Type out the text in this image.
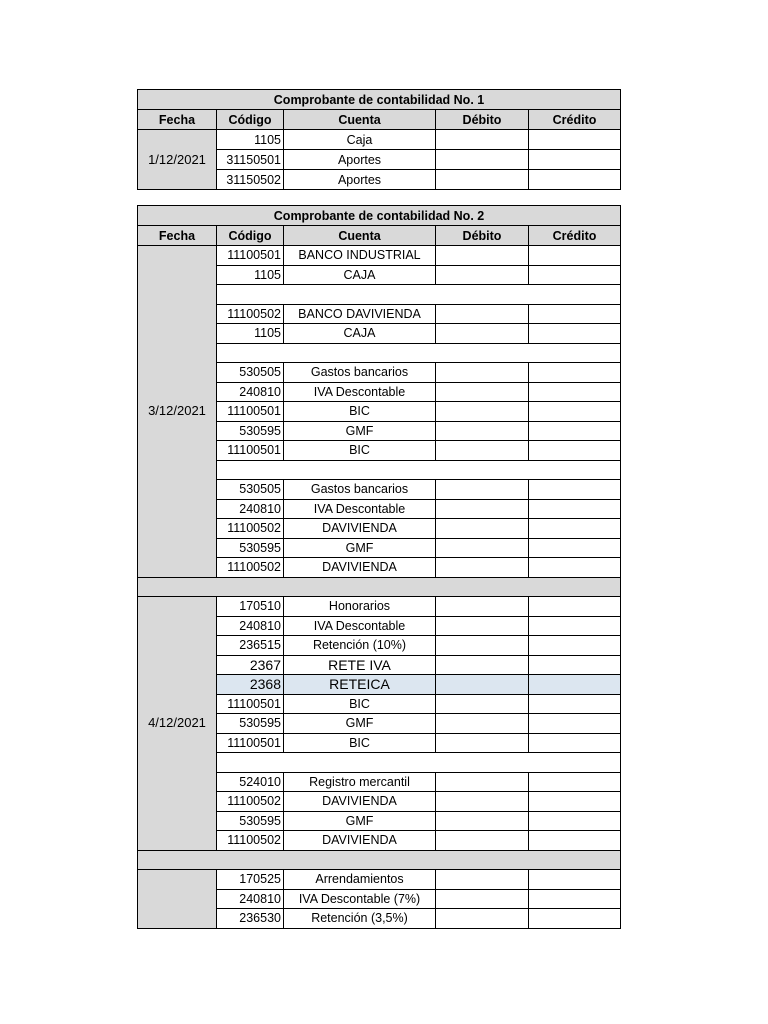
Comprobante de contabilidad No. 1				
Fecha	Código	Cuenta	Débito	Crédito
1/12/2021	1105	Caja		
	31150501	Aportes		
	31150502	Aportes		
Comprobante de contabilidad No. 2				
Fecha	Código	Cuenta	Débito	Crédito
3/12/2021	11100501	BANCO INDUSTRIAL		
	1105	CAJA		

	11100502	BANCO DAVIVIENDA		
	1105	CAJA		

	530505	Gastos bancarios		
	240810	IVA Descontable		
	11100501	BIC		
	530595	GMF		
	11100501	BIC		

	530505	Gastos bancarios		
	240810	IVA Descontable		
	11100502	DAVIVIENDA		
	530595	GMF		
	11100502	DAVIVIENDA		

4/12/2021	170510	Honorarios		
	240810	IVA Descontable		
	236515	Retención (10%)		
	2367	RETE IVA		
	2368	RETEICA		
	11100501	BIC		
	530595	GMF		
	11100501	BIC		

	524010	Registro mercantil		
	11100502	DAVIVIENDA		
	530595	GMF		
	11100502	DAVIVIENDA		

	170525	Arrendamientos		
	240810	IVA Descontable (7%)		
	236530	Retención (3,5%)		
